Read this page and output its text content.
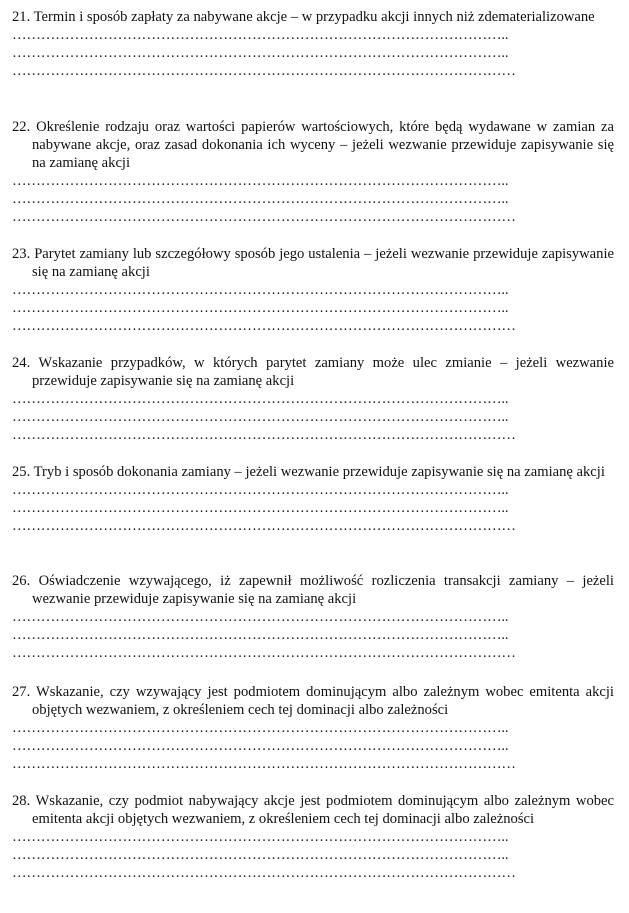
21. Termin i sposób zapłaty za nabywane akcje – w przypadku akcji innych niż zdematerializowane
…………………………………………………………………………………………..
…………………………………………………………………………………………..
……………………………………………………………………………………………
22. Określenie rodzaju oraz wartości papierów wartościowych, które będą wydawane w zamian za nabywane akcje, oraz zasad dokonania ich wyceny – jeżeli wezwanie przewiduje zapisywanie się na zamianę akcji
…………………………………………………………………………………………..
…………………………………………………………………………………………..
……………………………………………………………………………………………
23. Parytet zamiany lub szczegółowy sposób jego ustalenia – jeżeli wezwanie przewiduje zapisywanie się na zamianę akcji
…………………………………………………………………………………………..
…………………………………………………………………………………………..
……………………………………………………………………………………………
24. Wskazanie przypadków, w których parytet zamiany może ulec zmianie – jeżeli wezwanie przewiduje zapisywanie się na zamianę akcji
…………………………………………………………………………………………..
…………………………………………………………………………………………..
……………………………………………………………………………………………
25. Tryb i sposób dokonania zamiany – jeżeli wezwanie przewiduje zapisywanie się na zamianę akcji
…………………………………………………………………………………………..
…………………………………………………………………………………………..
……………………………………………………………………………………………
26. Oświadczenie wzywającego, iż zapewnił możliwość rozliczenia transakcji zamiany – jeżeli wezwanie przewiduje zapisywanie się na zamianę akcji
…………………………………………………………………………………………..
…………………………………………………………………………………………..
……………………………………………………………………………………………
27. Wskazanie, czy wzywający jest podmiotem dominującym albo zależnym wobec emitenta akcji objętych wezwaniem, z określeniem cech tej dominacji albo zależności
…………………………………………………………………………………………..
…………………………………………………………………………………………..
……………………………………………………………………………………………
28. Wskazanie, czy podmiot nabywający akcje jest podmiotem dominującym albo zależnym wobec emitenta akcji objętych wezwaniem, z określeniem cech tej dominacji albo zależności
…………………………………………………………………………………………..
…………………………………………………………………………………………..
……………………………………………………………………………………………
